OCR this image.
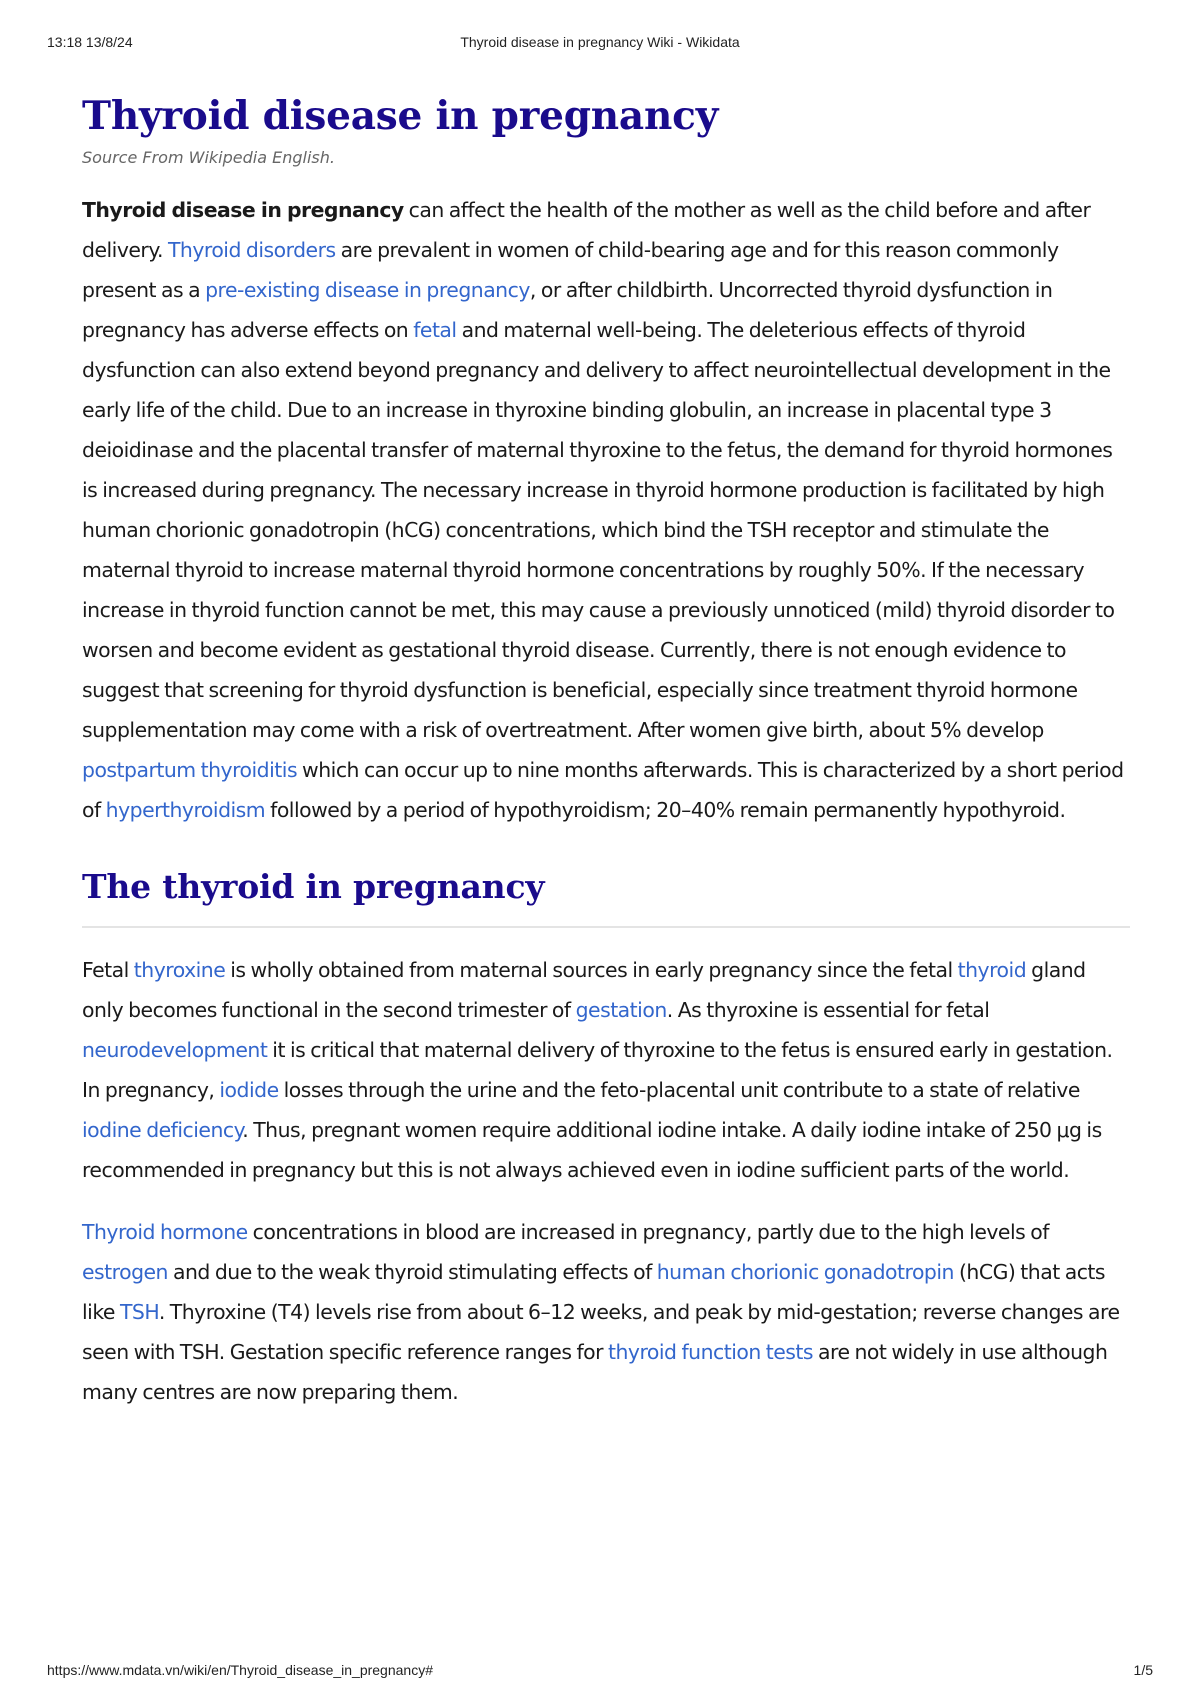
13:18 13/8/24	Thyroid disease in pregnancy Wiki - Wikidata
Thyroid disease in pregnancy
Source From Wikipedia English.

Thyroid disease in pregnancy can affect the health of the mother as well as the child before and after delivery. Thyroid disorders are prevalent in women of child-bearing age and for this reason commonly present as a pre-existing disease in pregnancy, or after childbirth. Uncorrected thyroid dysfunction in pregnancy has adverse effects on fetal and maternal well-being. The deleterious effects of thyroid dysfunction can also extend beyond pregnancy and delivery to affect neurointellectual development in the early life of the child. Due to an increase in thyroxine binding globulin, an increase in placental type 3 deioidinase and the placental transfer of maternal thyroxine to the fetus, the demand for thyroid hormones is increased during pregnancy. The necessary increase in thyroid hormone production is facilitated by high human chorionic gonadotropin (hCG) concentrations, which bind the TSH receptor and stimulate the maternal thyroid to increase maternal thyroid hormone concentrations by roughly 50%. If the necessary increase in thyroid function cannot be met, this may cause a previously unnoticed (mild) thyroid disorder to worsen and become evident as gestational thyroid disease. Currently, there is not enough evidence to suggest that screening for thyroid dysfunction is beneficial, especially since treatment thyroid hormone supplementation may come with a risk of overtreatment. After women give birth, about 5% develop postpartum thyroiditis which can occur up to nine months afterwards. This is characterized by a short period of hyperthyroidism followed by a period of hypothyroidism; 20–40% remain permanently hypothyroid.

The thyroid in pregnancy

Fetal thyroxine is wholly obtained from maternal sources in early pregnancy since the fetal thyroid gland only becomes functional in the second trimester of gestation. As thyroxine is essential for fetal neurodevelopment it is critical that maternal delivery of thyroxine to the fetus is ensured early in gestation. In pregnancy, iodide losses through the urine and the feto-placental unit contribute to a state of relative iodine deficiency. Thus, pregnant women require additional iodine intake. A daily iodine intake of 250 μg is recommended in pregnancy but this is not always achieved even in iodine sufficient parts of the world.

Thyroid hormone concentrations in blood are increased in pregnancy, partly due to the high levels of estrogen and due to the weak thyroid stimulating effects of human chorionic gonadotropin (hCG) that acts like TSH. Thyroxine (T4) levels rise from about 6–12 weeks, and peak by mid-gestation; reverse changes are seen with TSH. Gestation specific reference ranges for thyroid function tests are not widely in use although many centres are now preparing them.

https://www.mdata.vn/wiki/en/Thyroid_disease_in_pregnancy#	1/5
